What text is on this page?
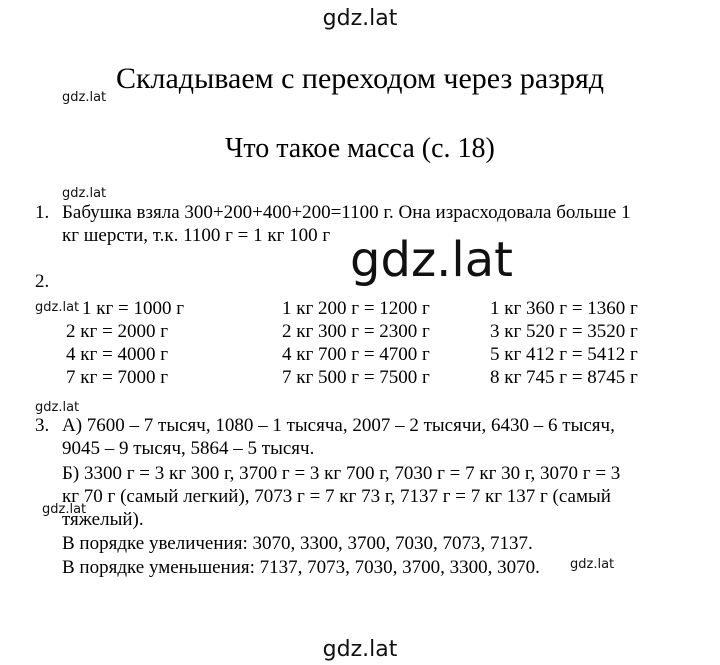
gdz.lat
Складываем с переходом через разряд
gdz.lat
Что такое масса (с. 18)
gdz.lat
1. Бабушка взяла 300+200+400+200=1100 г. Она израсходовала больше 1
кг шерсти, т.к. 1100 г = 1 кг 100 г gdz.lat
2.
gdz.lat 1 кг = 1000 г	1 кг 200 г = 1200 г	1 кг 360 г = 1360 г
2 кг = 2000 г	2 кг 300 г = 2300 г	3 кг 520 г = 3520 г
4 кг = 4000 г	4 кг 700 г = 4700 г	5 кг 412 г = 5412 г
7 кг = 7000 г	7 кг 500 г = 7500 г	8 кг 745 г = 8745 г
gdz.lat
3. А) 7600 – 7 тысяч, 1080 – 1 тысяча, 2007 – 2 тысячи, 6430 – 6 тысяч,
9045 – 9 тысяч, 5864 – 5 тысяч.
Б) 3300 г = 3 кг 300 г, 3700 г = 3 кг 700 г, 7030 г = 7 кг 30 г, 3070 г = 3
кг 70 г (самый легкий), 7073 г = 7 кг 73 г, 7137 г = 7 кг 137 г (самый
gdz.lat
тяжелый).
В порядке увеличения: 3070, 3300, 3700, 7030, 7073, 7137.
В порядке уменьшения: 7137, 7073, 7030, 3700, 3300, 3070. gdz.lat
gdz.lat
